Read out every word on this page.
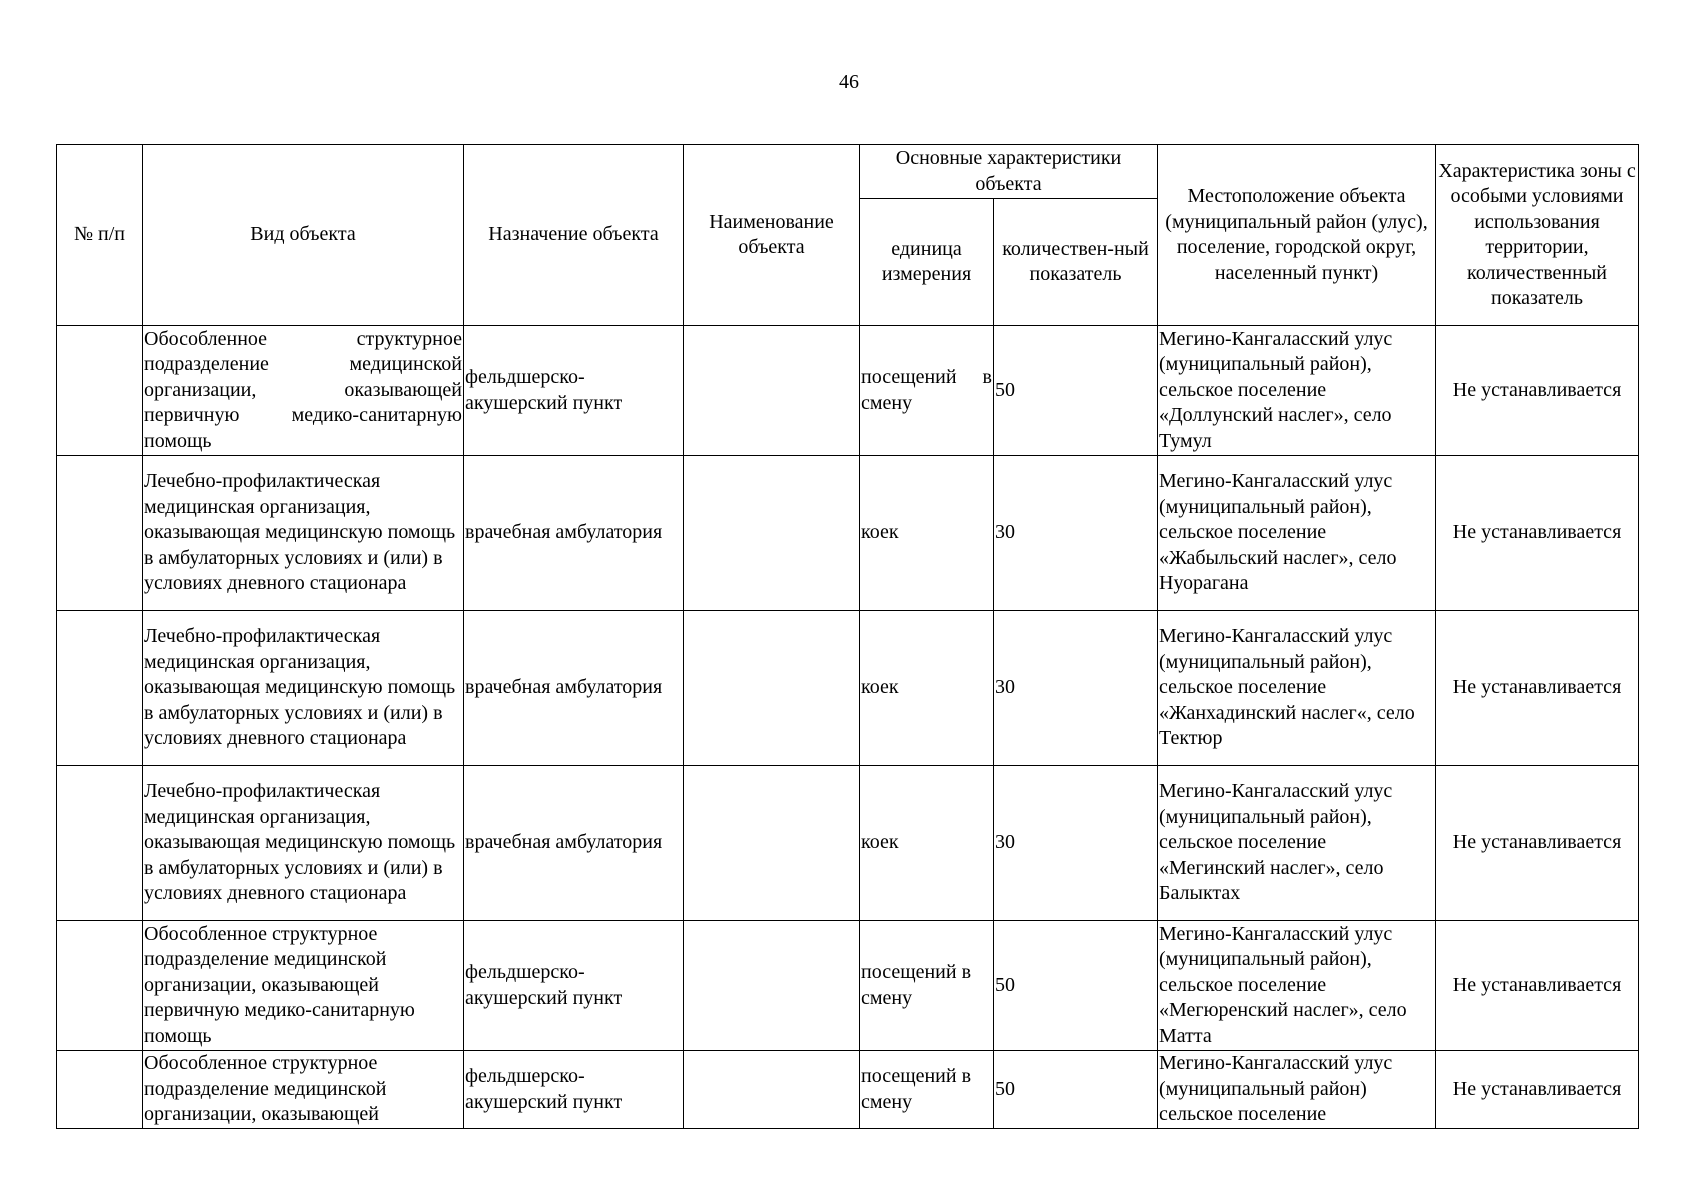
46
№ п/п	Вид объекта	Назначение объекта	Наименование объекта	Основные характеристики объекта		Местоположение объекта (муниципальный район (улус), поселение, городской округ, населенный пункт)	Характеристика зоны с особыми условиями использования территории, количественный показатель
				единица измерения	количествен-ный показатель		
	Обособленное структурное подразделение медицинской организации, оказывающей первичную медико-санитарную помощь	фельдшерско-акушерский пункт		посещений в смену	50	Мегино-Кангаласский улус (муниципальный район), сельское поселение «Доллунский наслег», село Тумул	Не устанавливается
	Лечебно-профилактическая медицинская организация, оказывающая медицинскую помощь в амбулаторных условиях и (или) в условиях дневного стационара	врачебная амбулатория		коек	30	Мегино-Кангаласский улус (муниципальный район), сельское поселение «Жабыльский наслег», село Нуорагана	Не устанавливается
	Лечебно-профилактическая медицинская организация, оказывающая медицинскую помощь в амбулаторных условиях и (или) в условиях дневного стационара	врачебная амбулатория		коек	30	Мегино-Кангаласский улус (муниципальный район), сельское поселение «Жанхадинский наслег«, село Тектюр	Не устанавливается
	Лечебно-профилактическая медицинская организация, оказывающая медицинскую помощь в амбулаторных условиях и (или) в условиях дневного стационара	врачебная амбулатория		коек	30	Мегино-Кангаласский улус (муниципальный район), сельское поселение «Мегинский наслег», село Балыктах	Не устанавливается
	Обособленное структурное подразделение медицинской организации, оказывающей первичную медико-санитарную помощь	фельдшерско-акушерский пункт		посещений в смену	50	Мегино-Кангаласский улус (муниципальный район), сельское поселение «Мегюренский наслег», село Матта	Не устанавливается
	Обособленное структурное подразделение медицинской организации, оказывающей	фельдшерско-акушерский пункт		посещений в смену	50	Мегино-Кангаласский улус (муниципальный район) сельское поселение	Не устанавливается
